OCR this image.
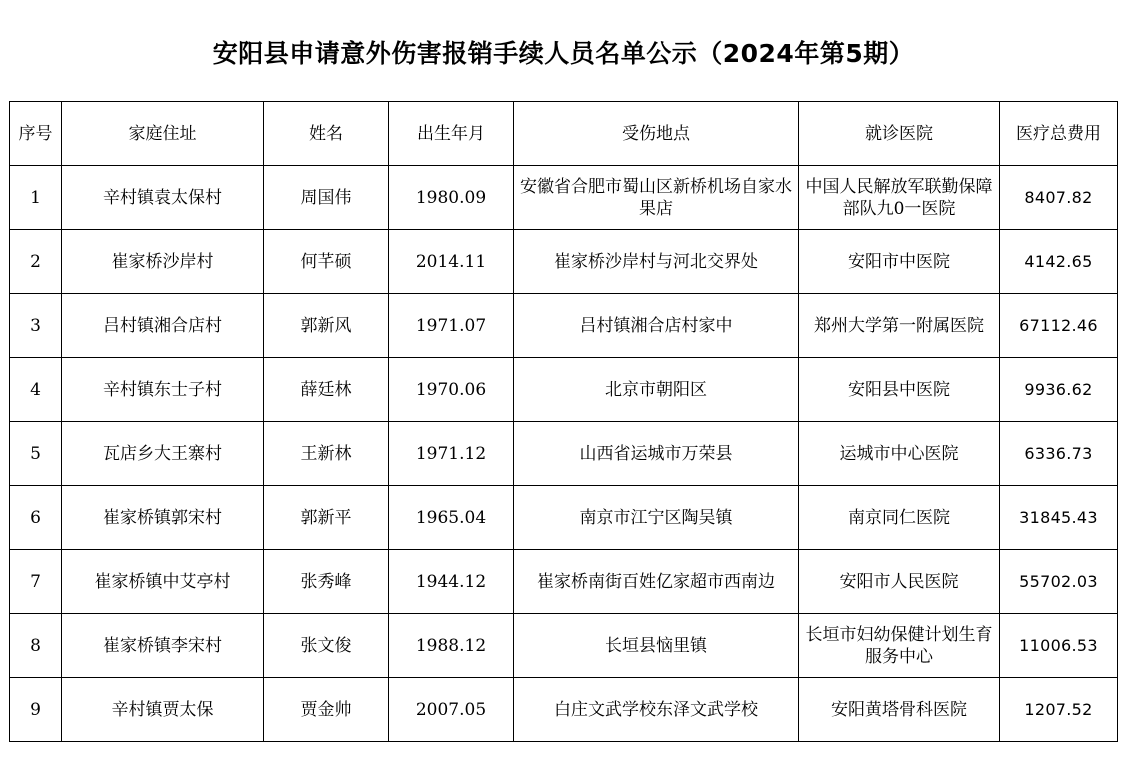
安阳县申请意外伤害报销手续人员名单公示（2024年第5期）
序号	家庭住址	姓名	出生年月	受伤地点	就诊医院	医疗总费用
1	辛村镇袁太保村	周国伟	1980.09	安徽省合肥市蜀山区新桥机场自家水果店	中国人民解放军联勤保障部队九0一医院	8407.82
2	崔家桥沙岸村	何芊硕	2014.11	崔家桥沙岸村与河北交界处	安阳市中医院	4142.65
3	吕村镇湘合店村	郭新风	1971.07	吕村镇湘合店村家中	郑州大学第一附属医院	67112.46
4	辛村镇东士子村	薛廷林	1970.06	北京市朝阳区	安阳县中医院	9936.62
5	瓦店乡大王寨村	王新林	1971.12	山西省运城市万荣县	运城市中心医院	6336.73
6	崔家桥镇郭宋村	郭新平	1965.04	南京市江宁区陶吴镇	南京同仁医院	31845.43
7	崔家桥镇中艾亭村	张秀峰	1944.12	崔家桥南街百姓亿家超市西南边	安阳市人民医院	55702.03
8	崔家桥镇李宋村	张文俊	1988.12	长垣县恼里镇	长垣市妇幼保健计划生育服务中心	11006.53
9	辛村镇贾太保	贾金帅	2007.05	白庄文武学校东泽文武学校	安阳黄塔骨科医院	1207.52
